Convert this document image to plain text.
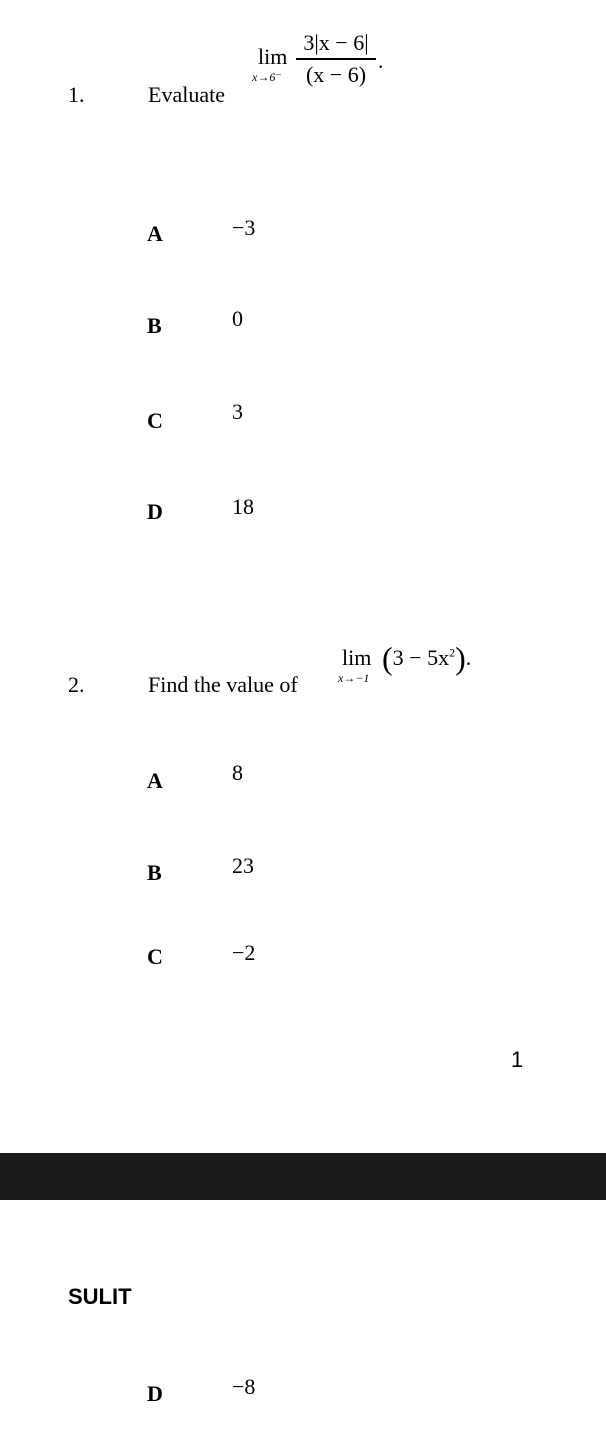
1.	Evaluate
lim
x→6⁻
3|x − 6|
(x − 6)
.
A	−3
B	0
C	3
D	18
2.	Find the value of
lim
x→−1
$(3 - 5x^2)$.
A	8
B	23
C	−2
1
SULIT
D	−8
